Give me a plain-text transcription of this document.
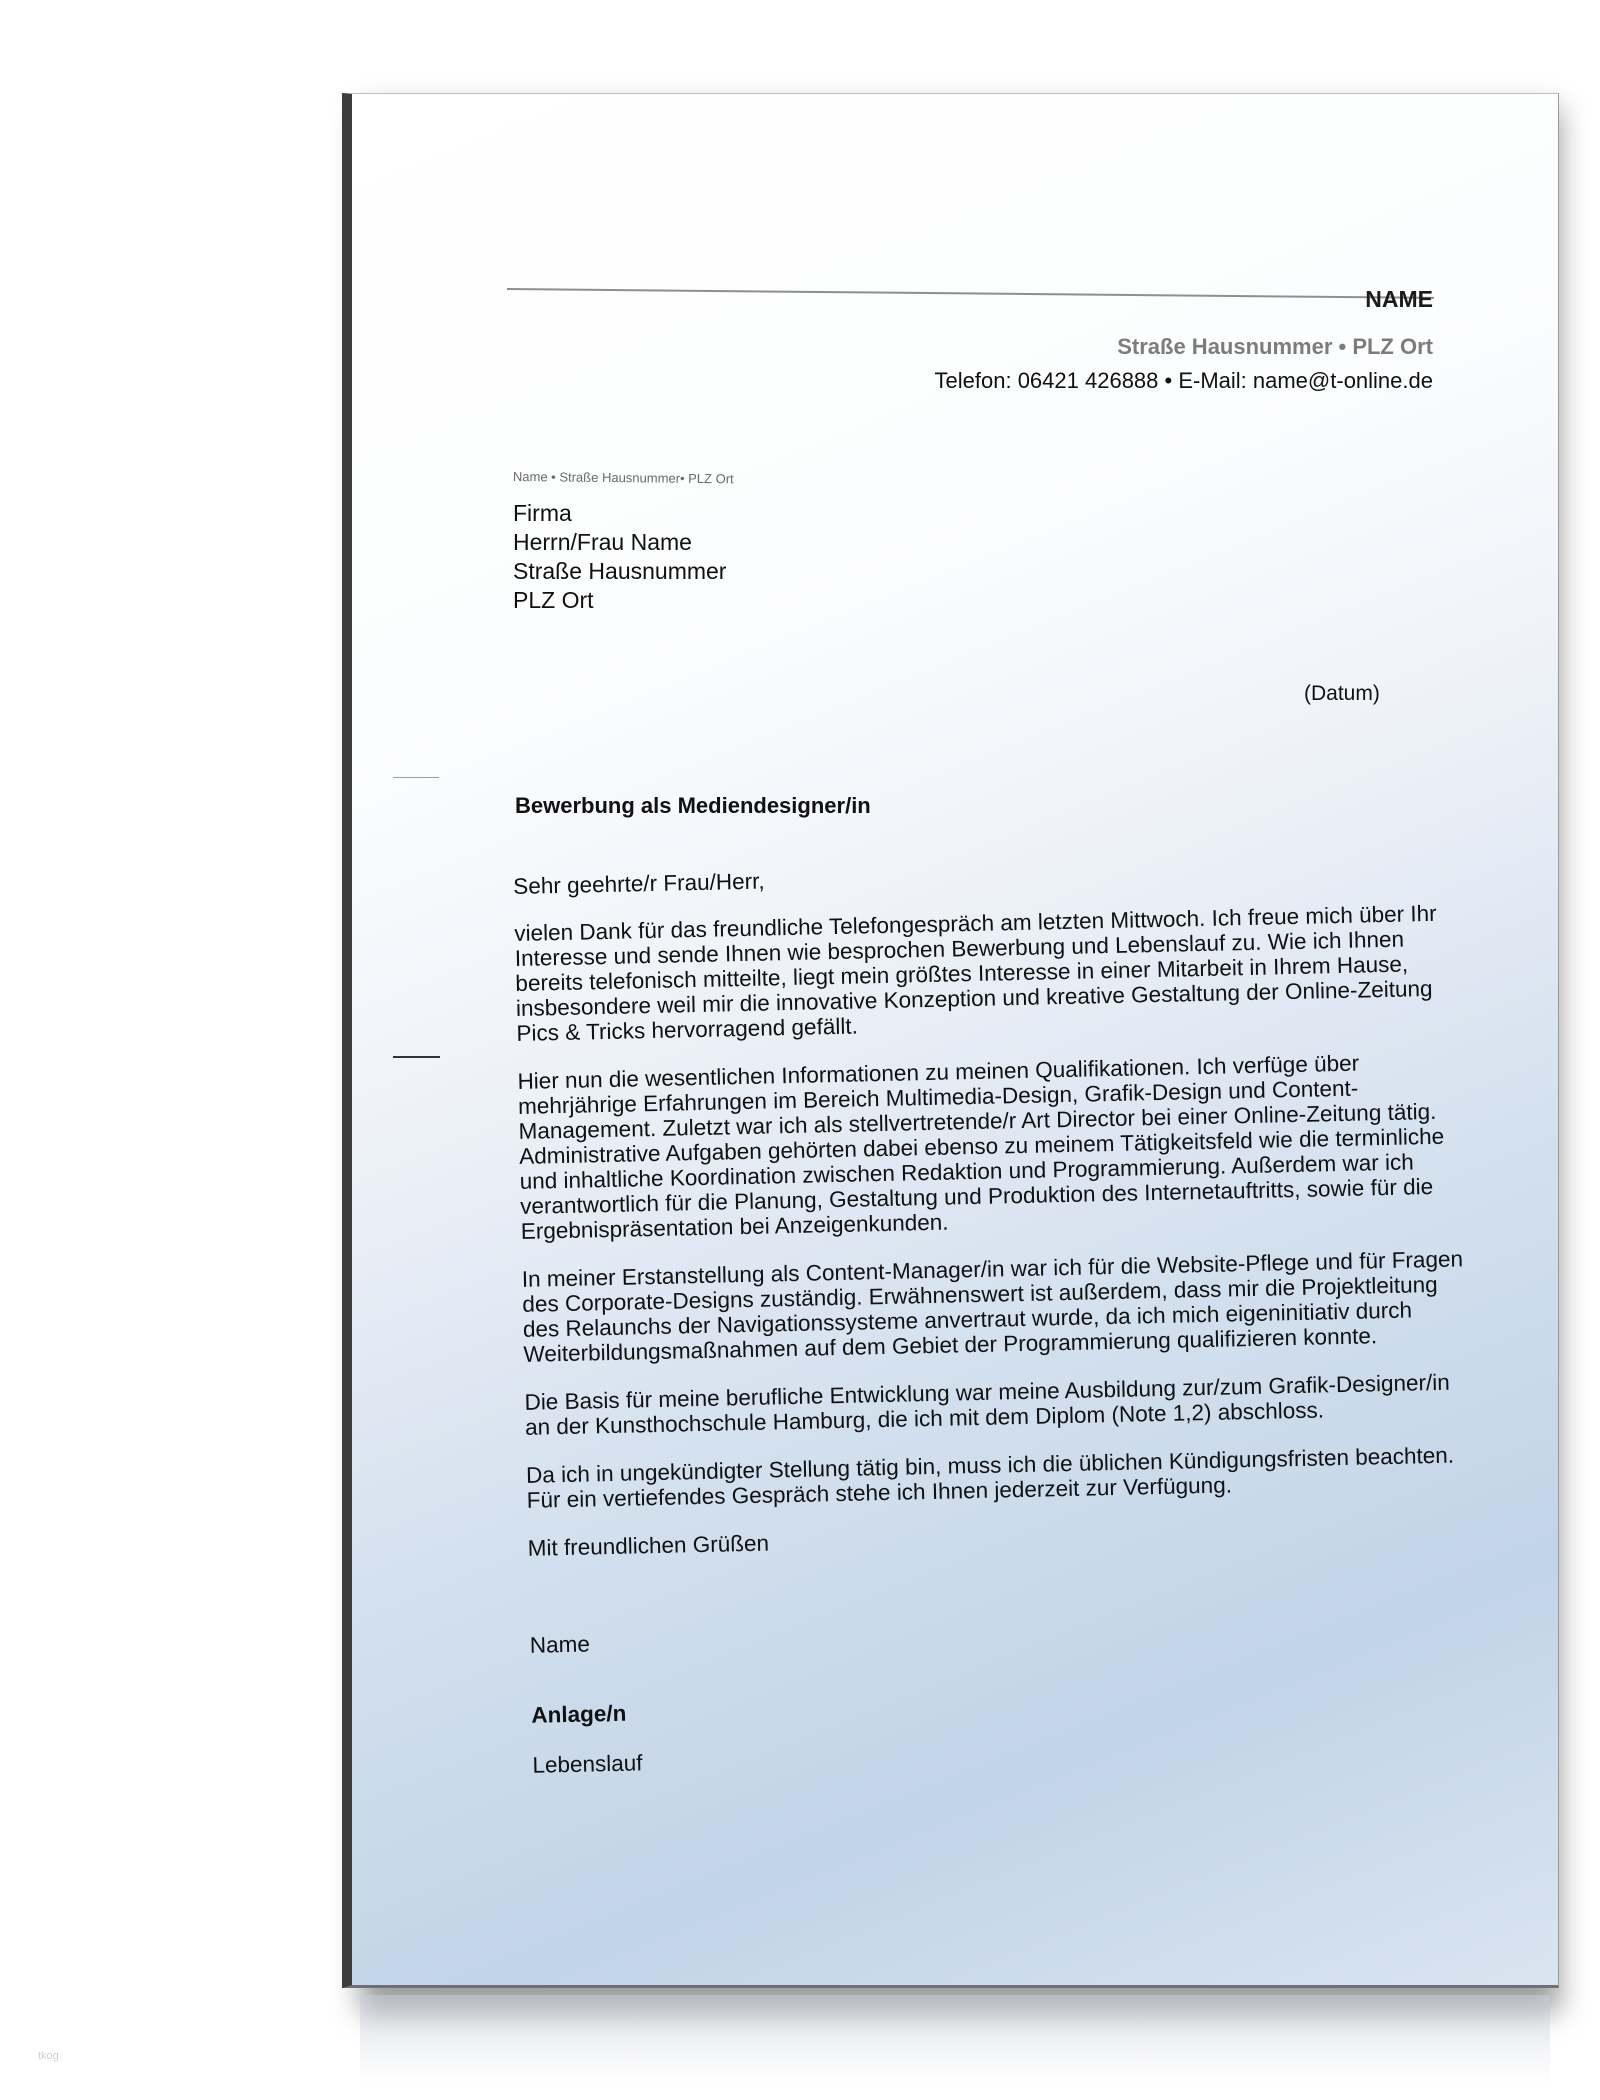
NAME
Straße Hausnummer • PLZ Ort
Telefon: 06421 426888 • E-Mail: name@t-online.de
Name • Straße Hausnummer• PLZ Ort
Firma
Herrn/Frau Name
Straße Hausnummer
PLZ Ort
(Datum)
Bewerbung als Mediendesigner/in

Sehr geehrte/r Frau/Herr,

vielen Dank für das freundliche Telefongespräch am letzten Mittwoch. Ich freue mich über Ihr
Interesse und sende Ihnen wie besprochen Bewerbung und Lebenslauf zu. Wie ich Ihnen
bereits telefonisch mitteilte, liegt mein größtes Interesse in einer Mitarbeit in Ihrem Hause,
insbesondere weil mir die innovative Konzeption und kreative Gestaltung der Online-Zeitung
Pics & Tricks hervorragend gefällt.

Hier nun die wesentlichen Informationen zu meinen Qualifikationen. Ich verfüge über
mehrjährige Erfahrungen im Bereich Multimedia-Design, Grafik-Design und Content-
Management. Zuletzt war ich als stellvertretende/r Art Director bei einer Online-Zeitung tätig.
Administrative Aufgaben gehörten dabei ebenso zu meinem Tätigkeitsfeld wie die terminliche
und inhaltliche Koordination zwischen Redaktion und Programmierung. Außerdem war ich
verantwortlich für die Planung, Gestaltung und Produktion des Internetauftritts, sowie für die
Ergebnispräsentation bei Anzeigenkunden.

In meiner Erstanstellung als Content-Manager/in war ich für die Website-Pflege und für Fragen
des Corporate-Designs zuständig. Erwähnenswert ist außerdem, dass mir die Projektleitung
des Relaunchs der Navigationssysteme anvertraut wurde, da ich mich eigeninitiativ durch
Weiterbildungsmaßnahmen auf dem Gebiet der Programmierung qualifizieren konnte.

Die Basis für meine berufliche Entwicklung war meine Ausbildung zur/zum Grafik-Designer/in
an der Kunsthochschule Hamburg, die ich mit dem Diplom (Note 1,2) abschloss.

Da ich in ungekündigter Stellung tätig bin, muss ich die üblichen Kündigungsfristen beachten.
Für ein vertiefendes Gespräch stehe ich Ihnen jederzeit zur Verfügung.

Mit freundlichen Grüßen

Name

Anlage/n

Lebenslauf

tkog
